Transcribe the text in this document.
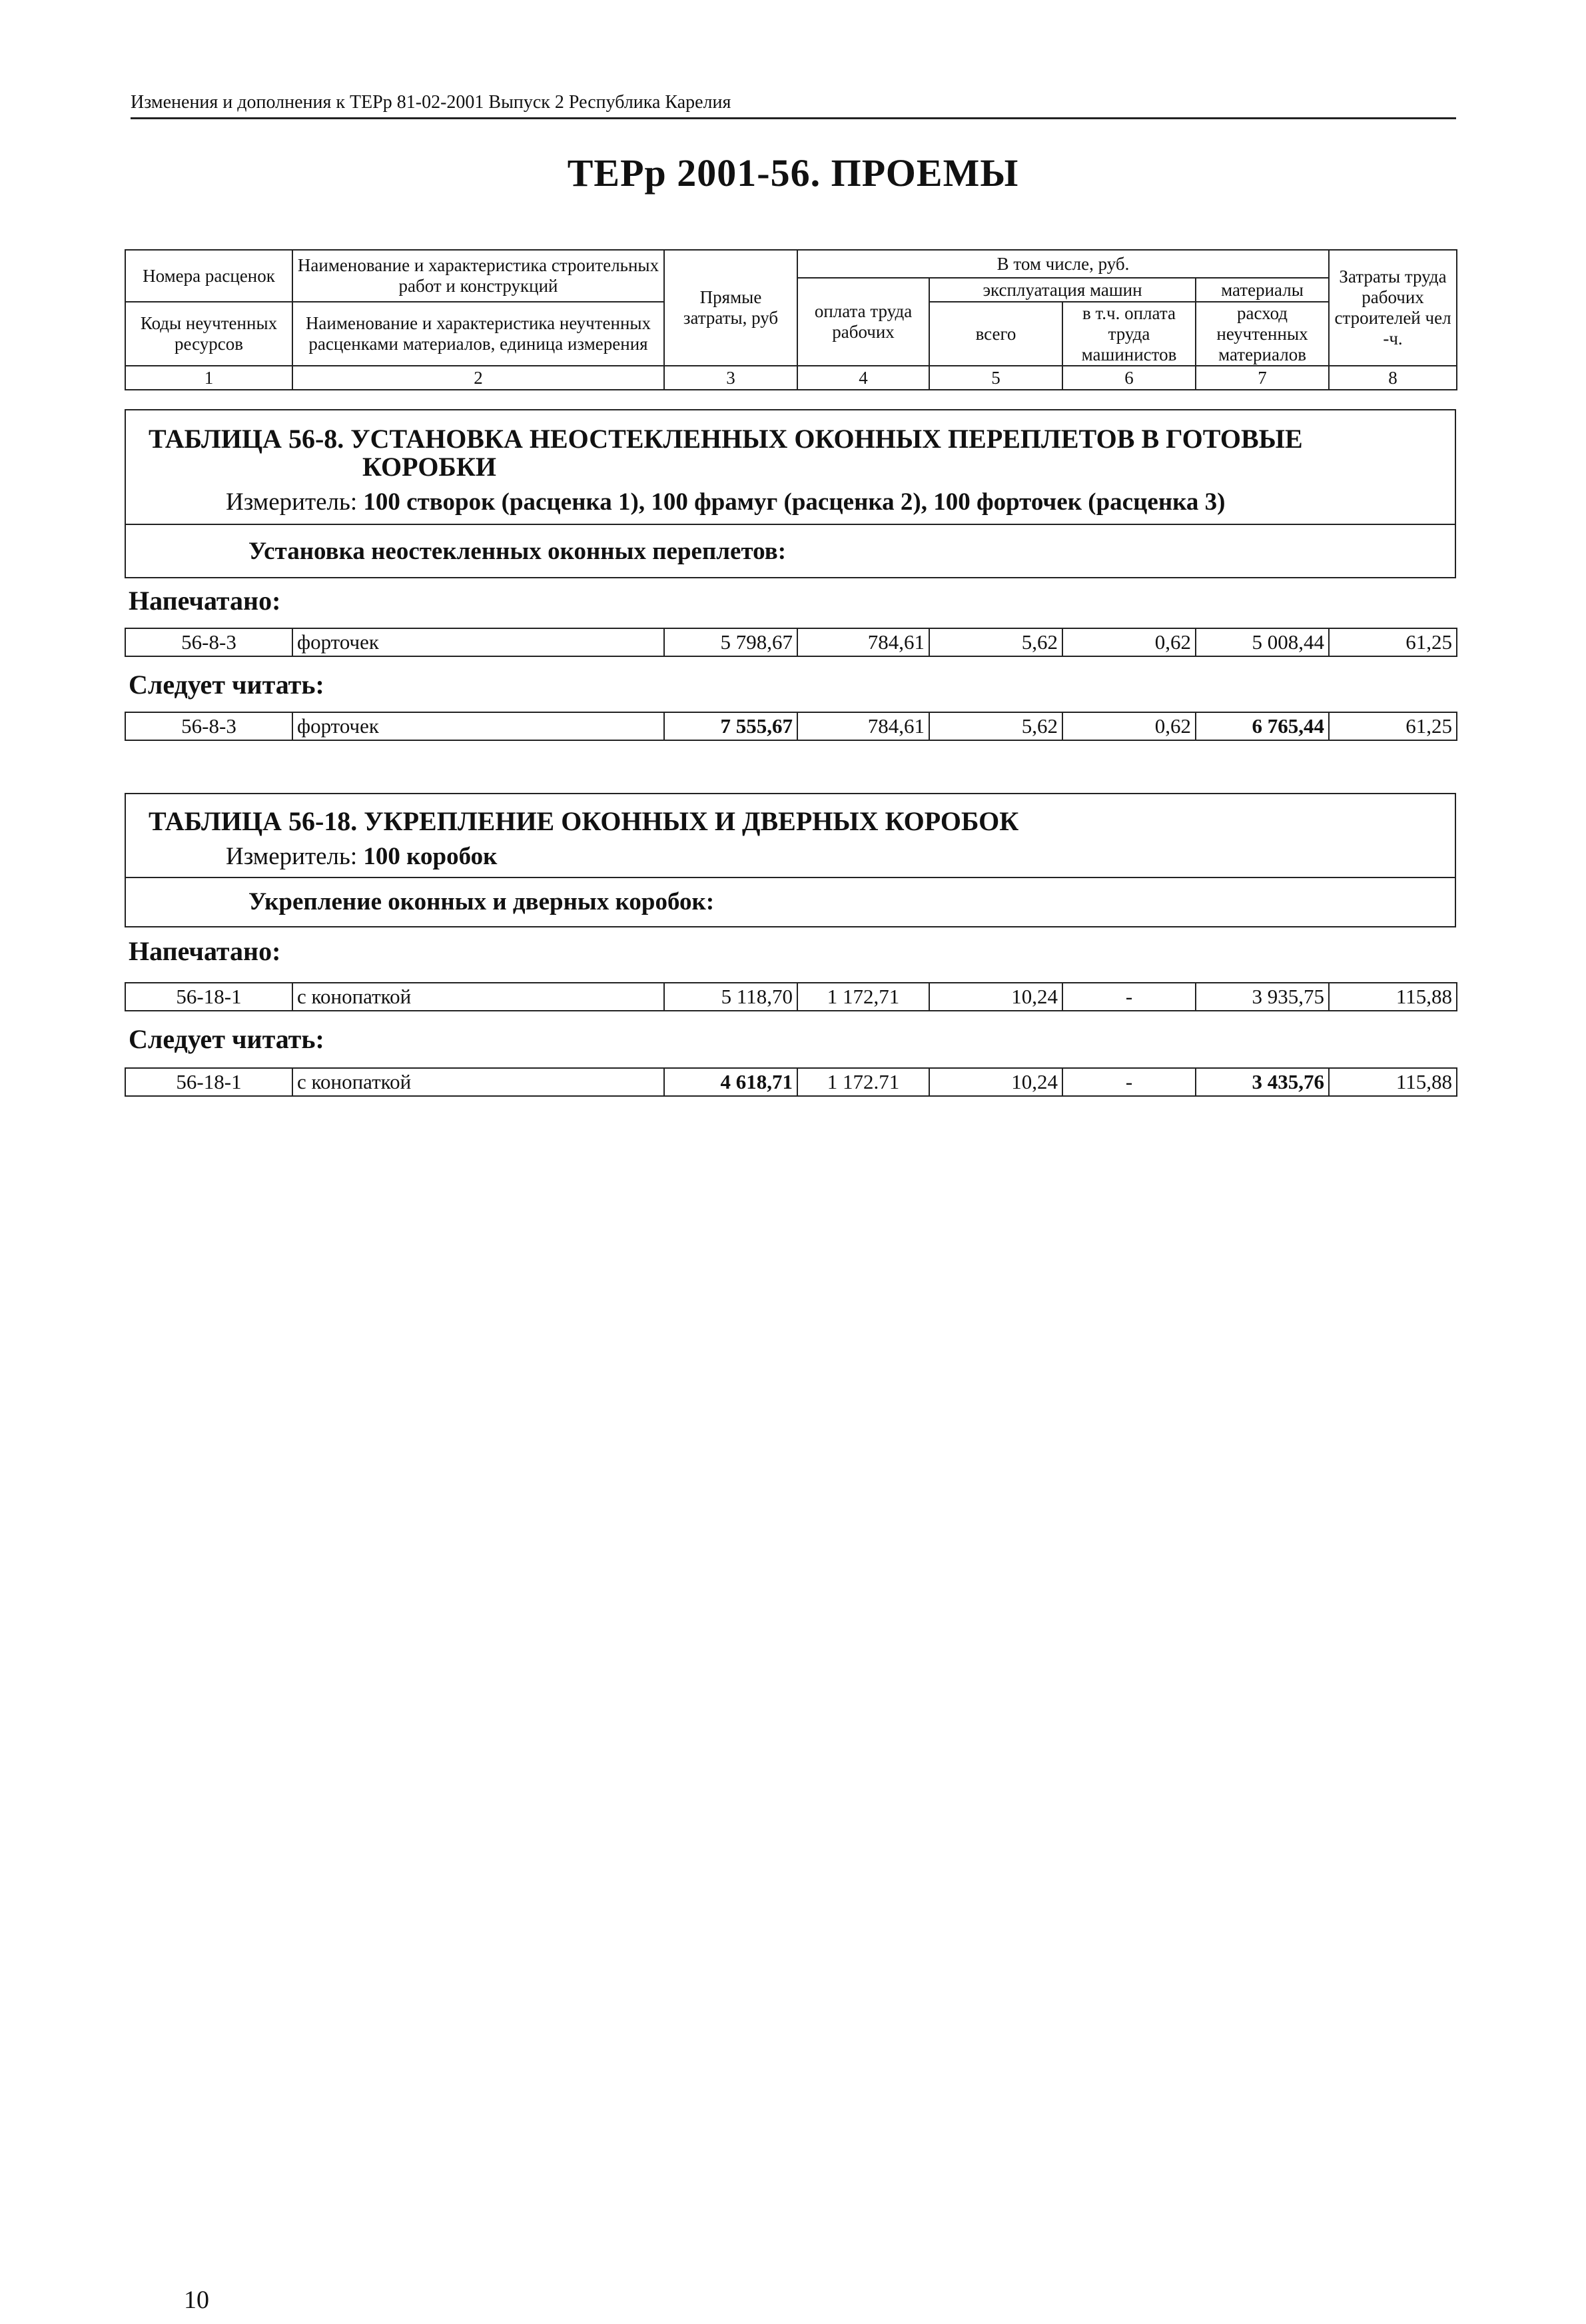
Изменения и дополнения к ТЕРр 81-02-2001 Выпуск 2 Республика Карелия
ТЕРр 2001-56. ПРОЕМЫ
Номера расценок	Наименование и характеристика строительных работ и конструкций	Прямые затраты, руб	В том числе, руб.				Затраты труда рабочих строителей чел -ч.
			оплата труда рабочих	эксплуатация машин		материалы	
Коды неучтенных ресурсов	Наименование и характеристика неучтенных расценками материалов, единица измерения			всего	в т.ч. оплата труда машинистов	расход неучтенных материалов	

1	2	3	4	5	6	7	8
ТАБЛИЦА 56-8. УСТАНОВКА НЕОСТЕКЛЕННЫХ ОКОННЫХ ПЕРЕПЛЕТОВ В ГОТОВЫЕ
КОРОБКИ
Измеритель: 100 створок (расценка 1), 100 фрамуг (расценка 2), 100 форточек (расценка 3)
Установка неостекленных оконных переплетов:
Напечатано:
56-8-3	форточек	5 798,67	784,61	5,62	0,62	5 008,44	61,25
Следует читать:
56-8-3	форточек	7 555,67	784,61	5,62	0,62	6 765,44	61,25
ТАБЛИЦА 56-18. УКРЕПЛЕНИЕ ОКОННЫХ И ДВЕРНЫХ КОРОБОК
Измеритель: 100 коробок
Укрепление оконных и дверных коробок:
Напечатано:
56-18-1	с конопаткой	5 118,70	1 172,71	10,24	-	3 935,75	115,88
Следует читать:
56-18-1	с конопаткой	4 618,71	1 172.71	10,24	-	3 435,76	115,88
10
